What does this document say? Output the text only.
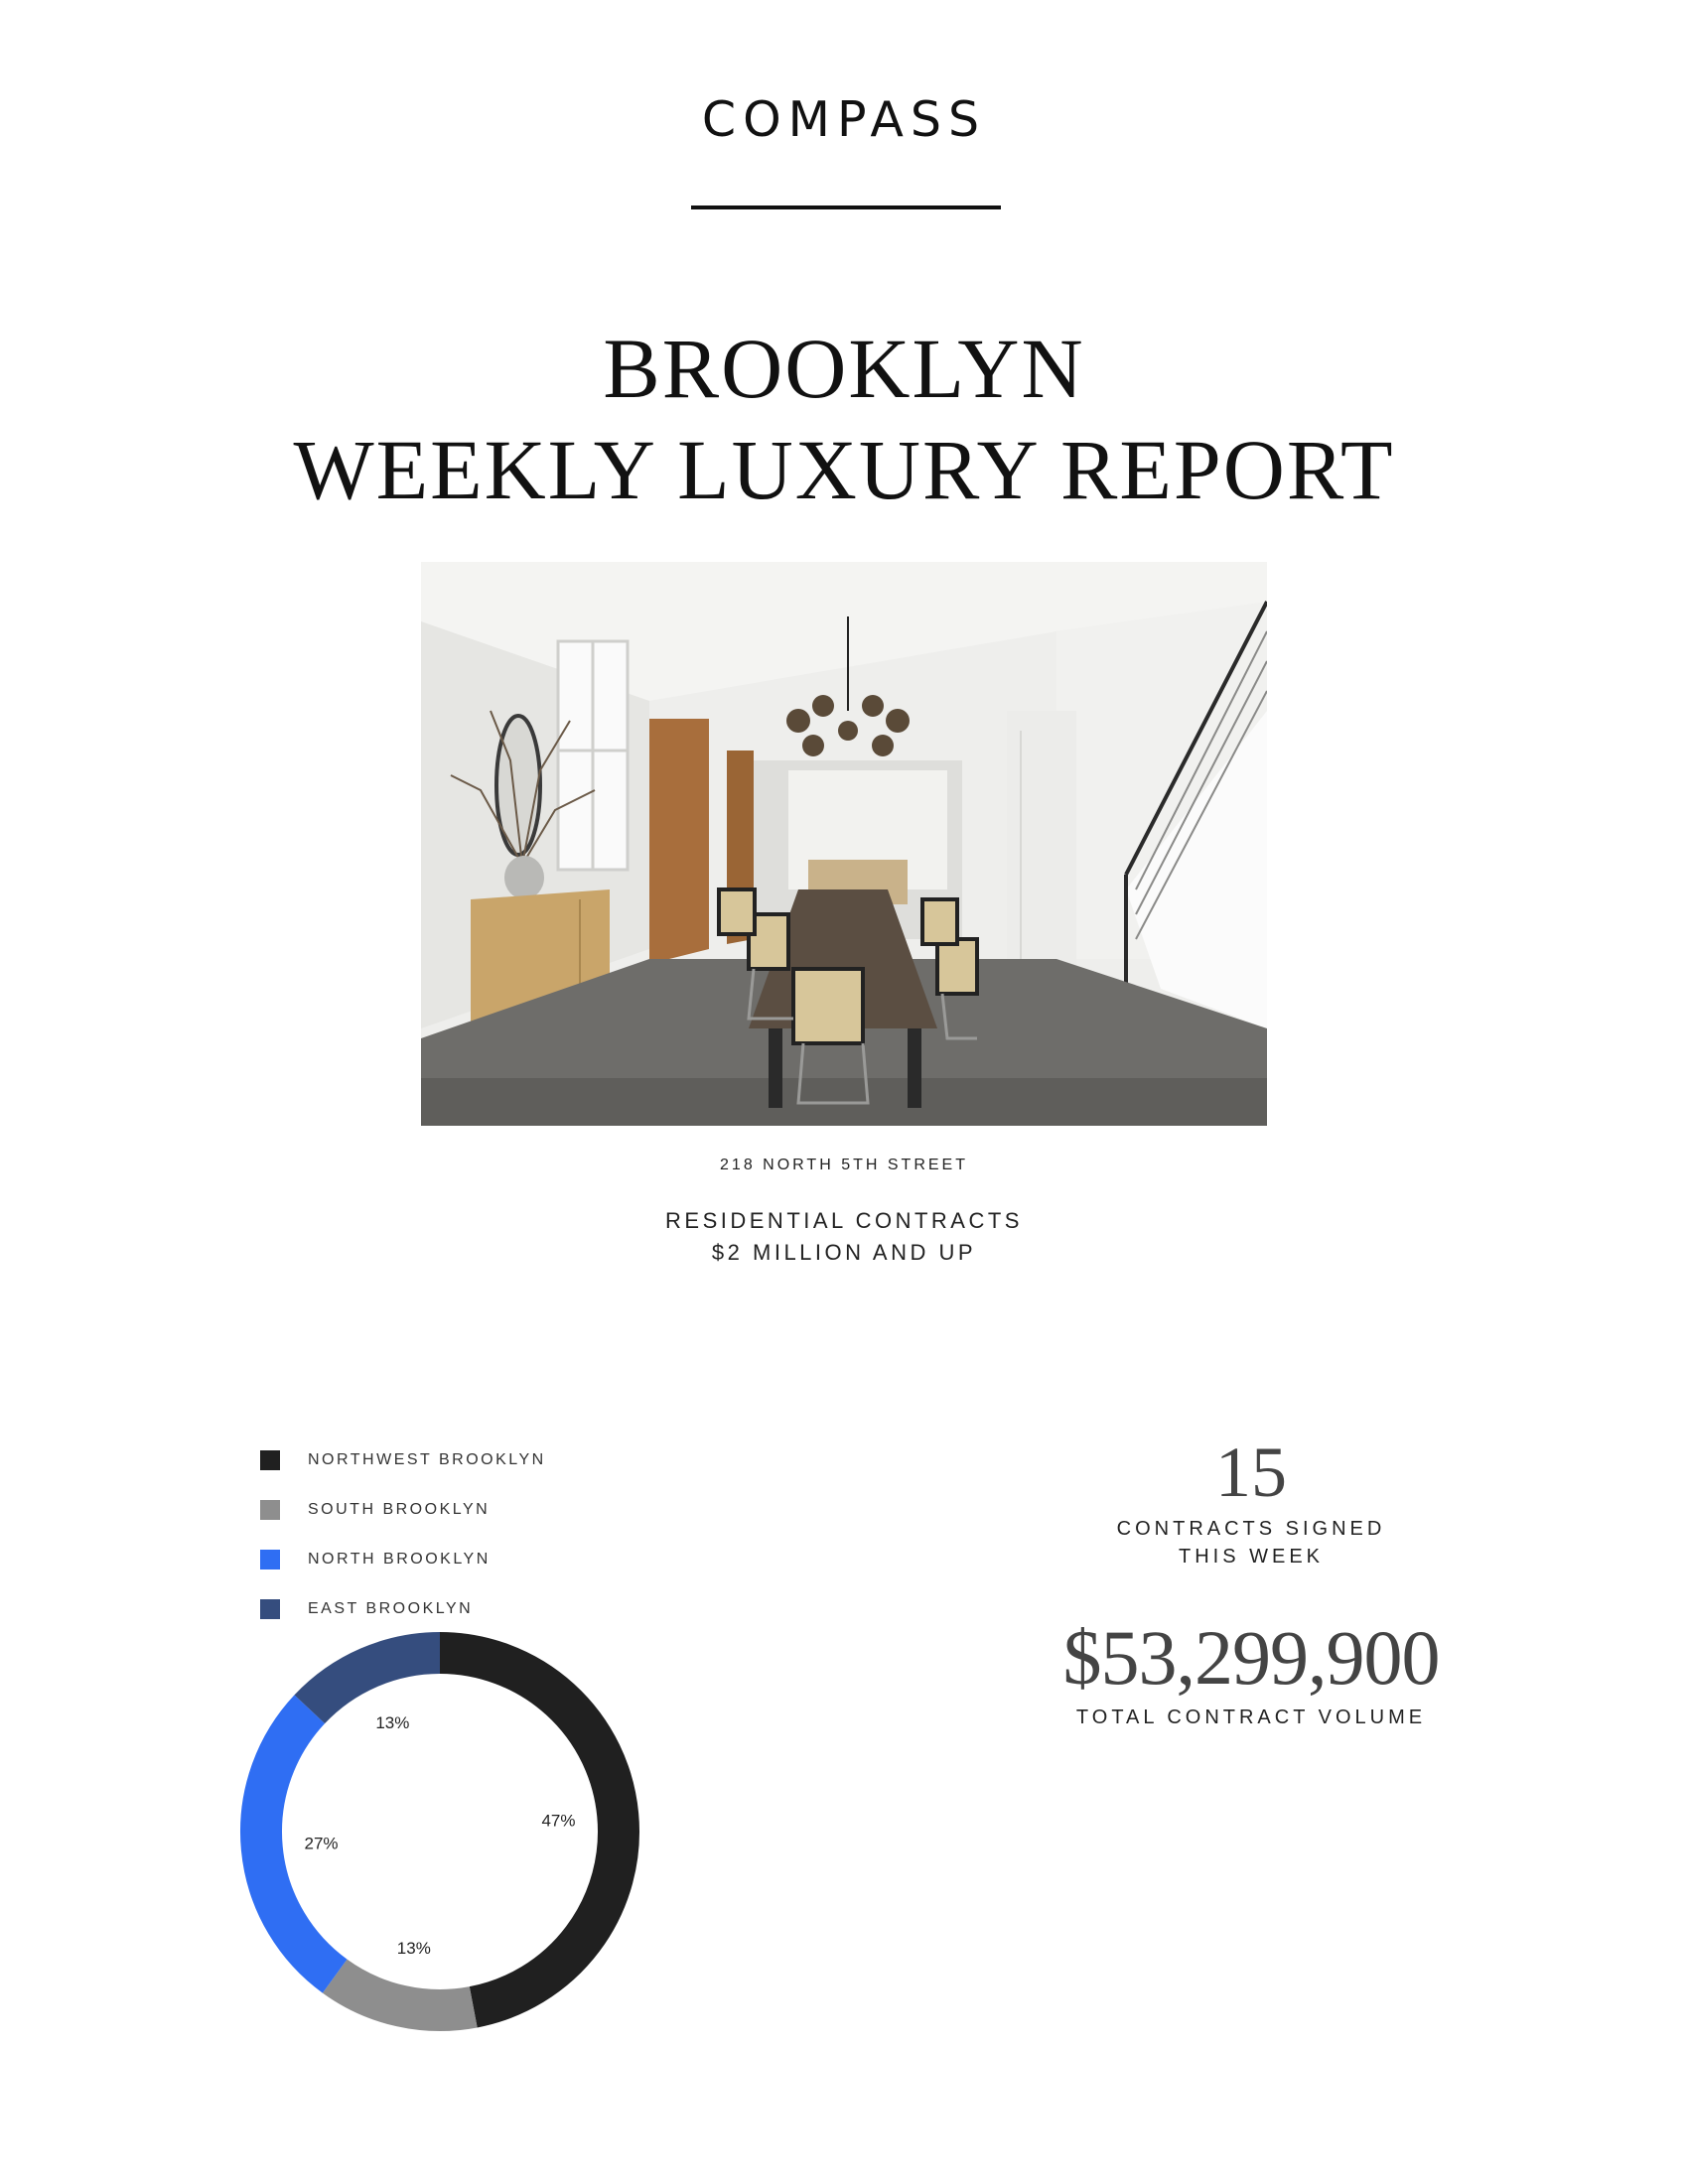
COMPASS
BROOKLYN
WEEKLY LUXURY REPORT
218 NORTH 5TH STREET
RESIDENTIAL CONTRACTS
$2 MILLION AND UP
NORTHWEST BROOKLYN
SOUTH BROOKLYN
NORTH BROOKLYN
EAST BROOKLYN
47%
13%
27%
13%
15
CONTRACTS SIGNED
THIS WEEK
$53,299,900
TOTAL CONTRACT VOLUME
